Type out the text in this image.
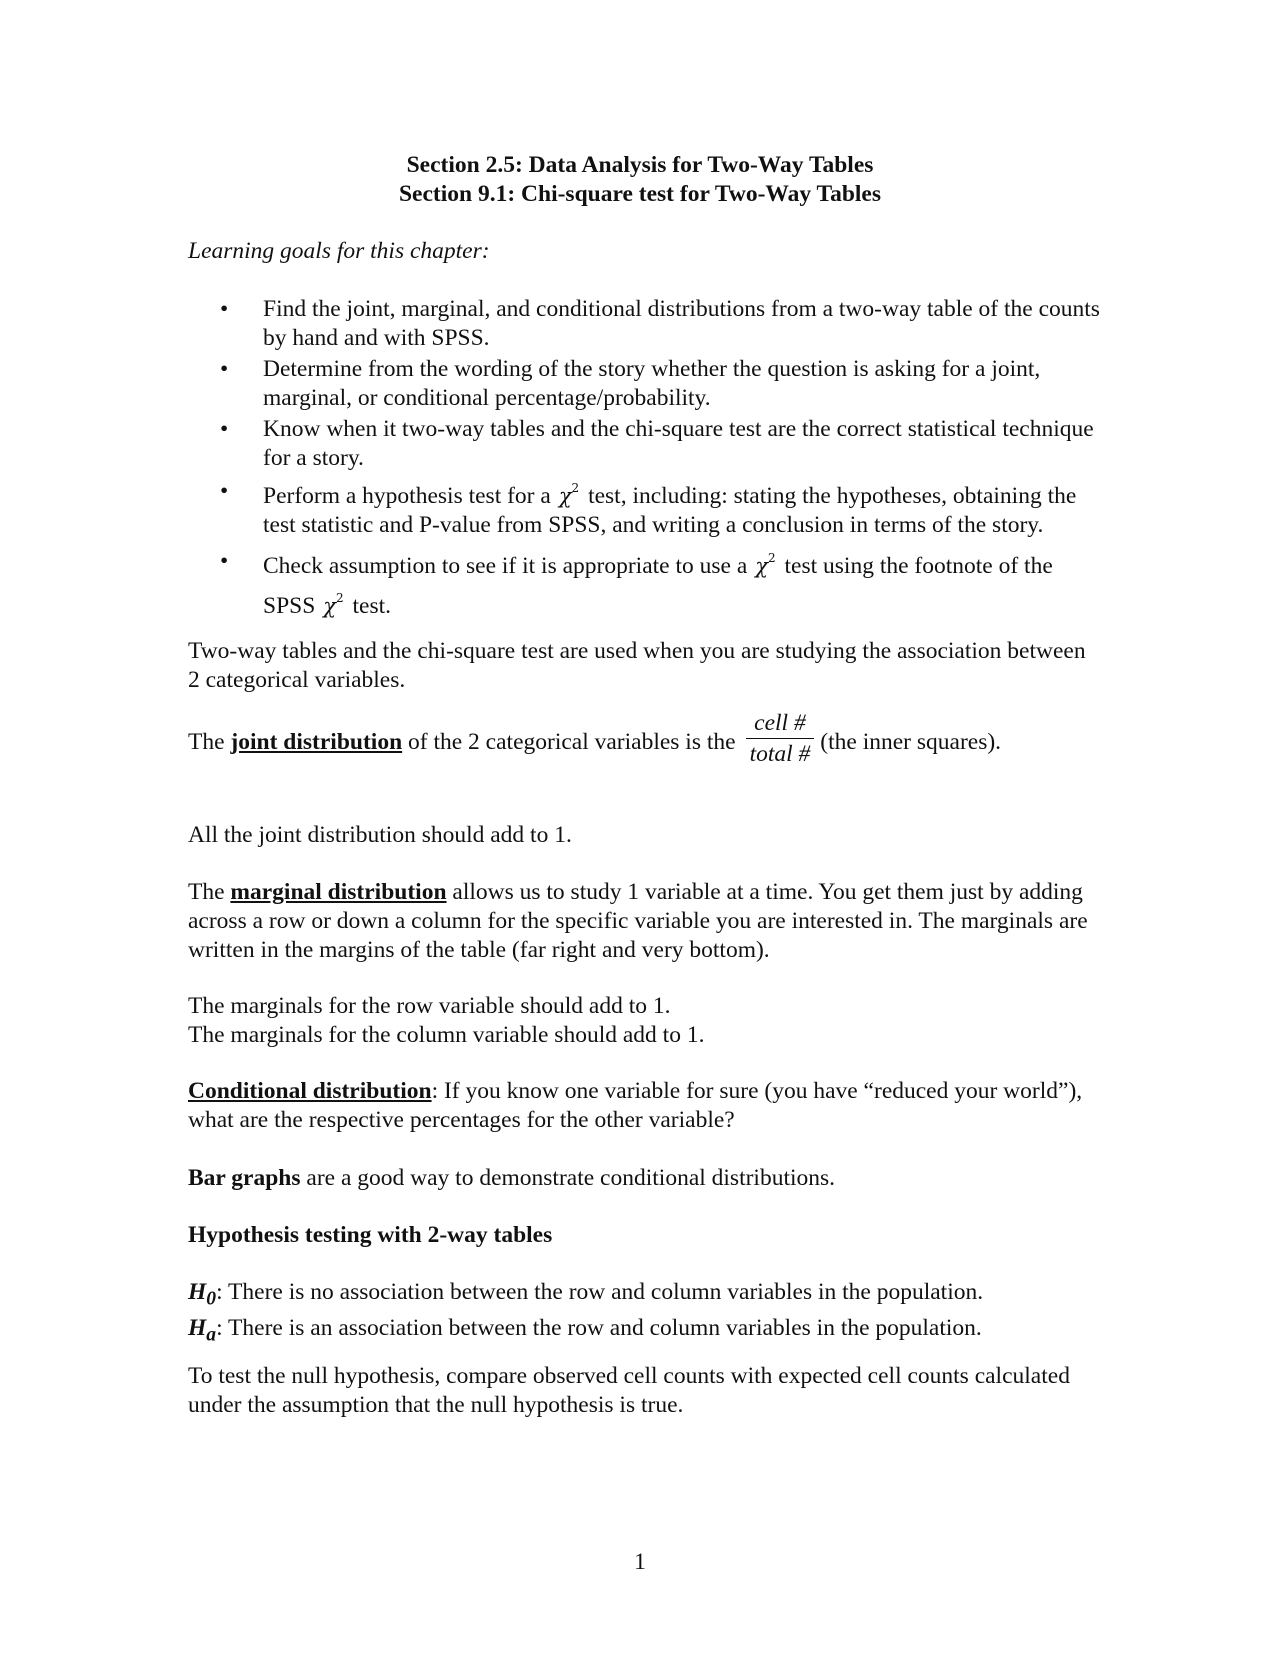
Section 2.5: Data Analysis for Two-Way Tables
Section 9.1: Chi-square test for Two-Way Tables
Learning goals for this chapter:
• Find the joint, marginal, and conditional distributions from a two-way table of the counts by hand and with SPSS.
• Determine from the wording of the story whether the question is asking for a joint, marginal, or conditional percentage/probability.
• Know when it two-way tables and the chi-square test are the correct statistical technique for a story.
• Perform a hypothesis test for a $\chi^2$ test, including: stating the hypotheses, obtaining the test statistic and P-value from SPSS, and writing a conclusion in terms of the story.
• Check assumption to see if it is appropriate to use a $\chi^2$ test using the footnote of the SPSS $\chi^2$ test.
Two-way tables and the chi-square test are used when you are studying the association between 2 categorical variables.
The joint distribution of the 2 categorical variables is the $\frac{\text{cell \#}}{\text{total \#}} (the$ inner squares).
All the joint distribution should add to 1.
The marginal distribution allows us to study 1 variable at a time. You get them just by adding across a row or down a column for the specific variable you are interested in. The marginals are written in the margins of the table (far right and very bottom).
The marginals for the row variable should add to 1.
The marginals for the column variable should add to 1.
Conditional distribution: If you know one variable for sure (you have “reduced your world”), what are the respective percentages for the other variable?
Bar graphs are a good way to demonstrate conditional distributions.
Hypothesis testing with 2-way tables
$H_0$: There is no association between the row and column variables in the population.
$H_a$: There is an association between the row and column variables in the population.
To test the null hypothesis, compare observed cell counts with expected cell counts calculated under the assumption that the null hypothesis is true.
1
